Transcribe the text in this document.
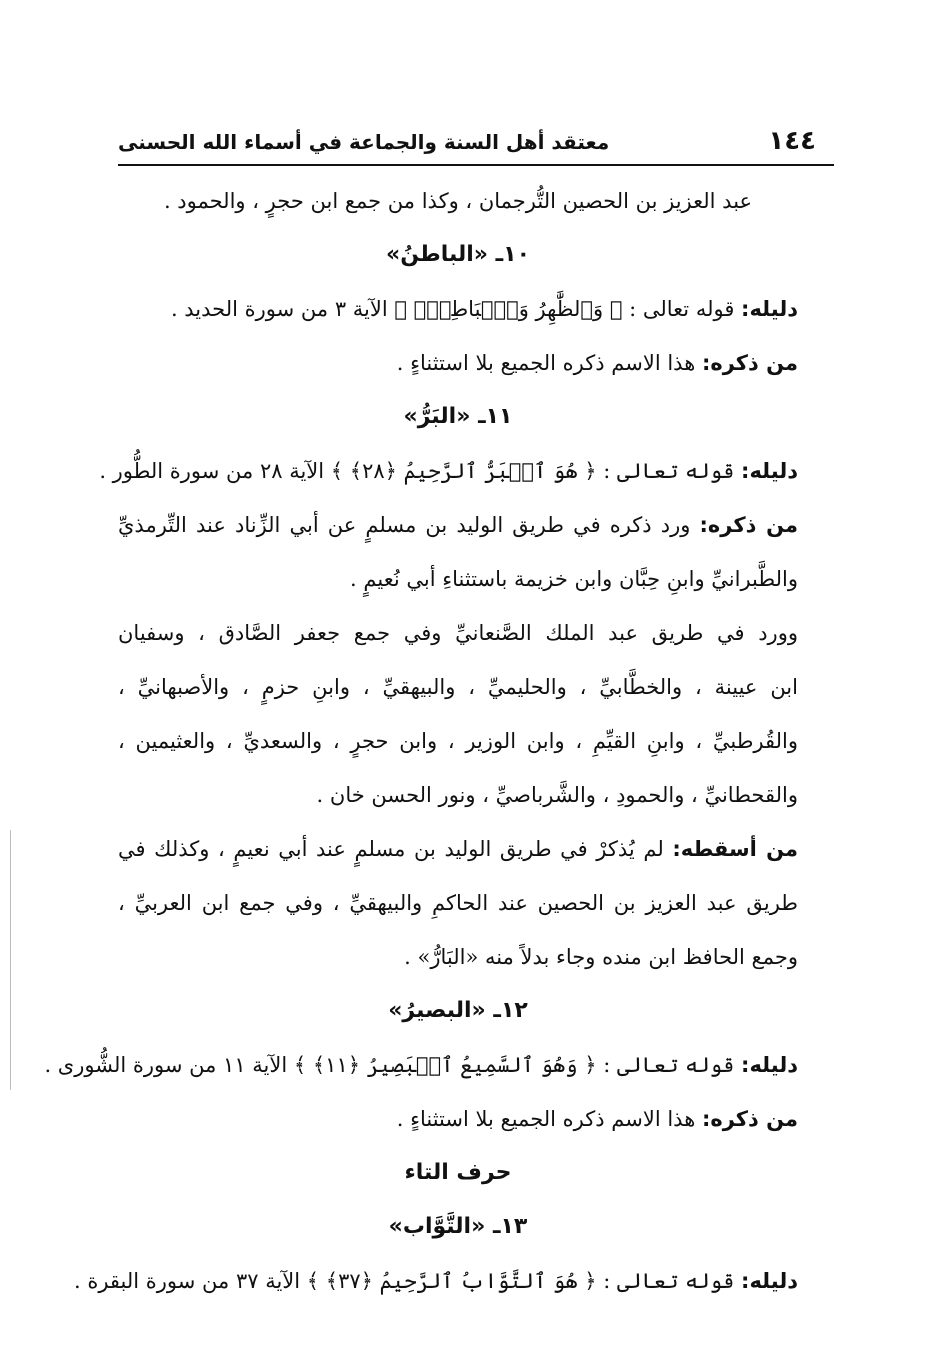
١٤٤
معتقد أهل السنة والجماعة في أسماء الله الحسنى
عبد العزيز بن الحصين التُّرجمان ، وكذا من جمع ابن حجرٍ ، والحمود .
١٠ـ «الباطنُ»
دليله: قوله تعالى : ﴿ وَٱلظَّٰهِرُ وَٱلۡبَاطِنُۖ ﴾ الآية ٣ من سورة الحديد .
من ذكره: هذا الاسم ذكره الجميع بلا استثناءٍ .
١١ـ «البَرُّ»
دليله: قوله تعالى : ﴿ هُوَ ٱلۡبَرُّ ٱلرَّحِيمُ ﴿٢٨﴾ ﴾ الآية ٢٨ من سورة الطُّور .
من ذكره: ورد ذكره في طريق الوليد بن مسلمٍ عن أبي الزِّناد عند التِّرمذيِّ
والطَّبرانيِّ وابنِ حِبَّان وابن خزيمة باستثناءِ أبي نُعيمٍ .
وورد في طريق عبد الملك الصَّنعانيِّ وفي جمع جعفر الصَّادق ، وسفيان
ابن عيينة ، والخطَّابيِّ ، والحليميِّ ، والبيهقيِّ ، وابنِ حزمٍ ، والأصبهانيِّ ،
والقُرطبيِّ ، وابنِ القيِّمِ ، وابن الوزير ، وابن حجرٍ ، والسعديِّ ، والعثيمين ،
والقحطانيِّ ، والحمودِ ، والشَّرباصيِّ ، ونور الحسن خان .
من أسقطه: لم يُذكرْ في طريق الوليد بن مسلمٍ عند أبي نعيمٍ ، وكذلك في
طريق عبد العزيز بن الحصين عند الحاكمِ والبيهقيِّ ، وفي جمع ابن العربيِّ ،
وجمع الحافظ ابن منده وجاء بدلاً منه «البَارُّ» .
١٢ـ «البصيرُ»
دليله: قوله تعالى : ﴿ وَهُوَ ٱلسَّمِيعُ ٱلۡبَصِيرُ ﴿١١﴾ ﴾ الآية ١١ من سورة الشُّورى .
من ذكره: هذا الاسم ذكره الجميع بلا استثناءٍ .
حرف التاء
١٣ـ «التَّوَّاب»
دليله: قوله تعالى : ﴿ هُوَ ٱلتَّوَّابُ ٱلرَّحِيمُ ﴿٣٧﴾ ﴾ الآية ٣٧ من سورة البقرة .
